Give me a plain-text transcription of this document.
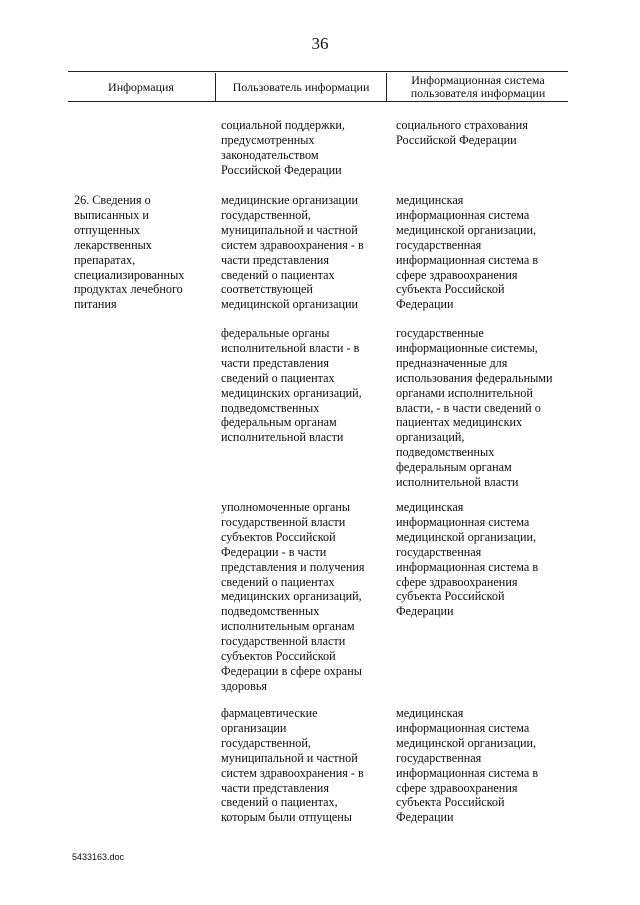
36
Информация	Пользователь информации	Информационная система
пользователя информации
социальной поддержки,
предусмотренных
законодательством
Российской Федерации
социального страхования
Российской Федерации
26. Сведения о
выписанных и
отпущенных
лекарственных
препаратах,
специализированных
продуктах лечебного
питания
медицинские организации
государственной,
муниципальной и частной
систем здравоохранения - в
части представления
сведений о пациентах
соответствующей
медицинской организации
медицинская
информационная система
медицинской организации,
государственная
информационная система в
сфере здравоохранения
субъекта Российской
Федерации
федеральные органы
исполнительной власти - в
части представления
сведений о пациентах
медицинских организаций,
подведомственных
федеральным органам
исполнительной власти
государственные
информационные системы,
предназначенные для
использования федеральными
органами исполнительной
власти, - в части сведений о
пациентах медицинских
организаций,
подведомственных
федеральным органам
исполнительной власти
уполномоченные органы
государственной власти
субъектов Российской
Федерации - в части
представления и получения
сведений о пациентах
медицинских организаций,
подведомственных
исполнительным органам
государственной власти
субъектов Российской
Федерации в сфере охраны
здоровья
медицинская
информационная система
медицинской организации,
государственная
информационная система в
сфере здравоохранения
субъекта Российской
Федерации
фармацевтические
организации
государственной,
муниципальной и частной
систем здравоохранения - в
части представления
сведений о пациентах,
которым были отпущены
медицинская
информационная система
медицинской организации,
государственная
информационная система в
сфере здравоохранения
субъекта Российской
Федерации
5433163.doc
